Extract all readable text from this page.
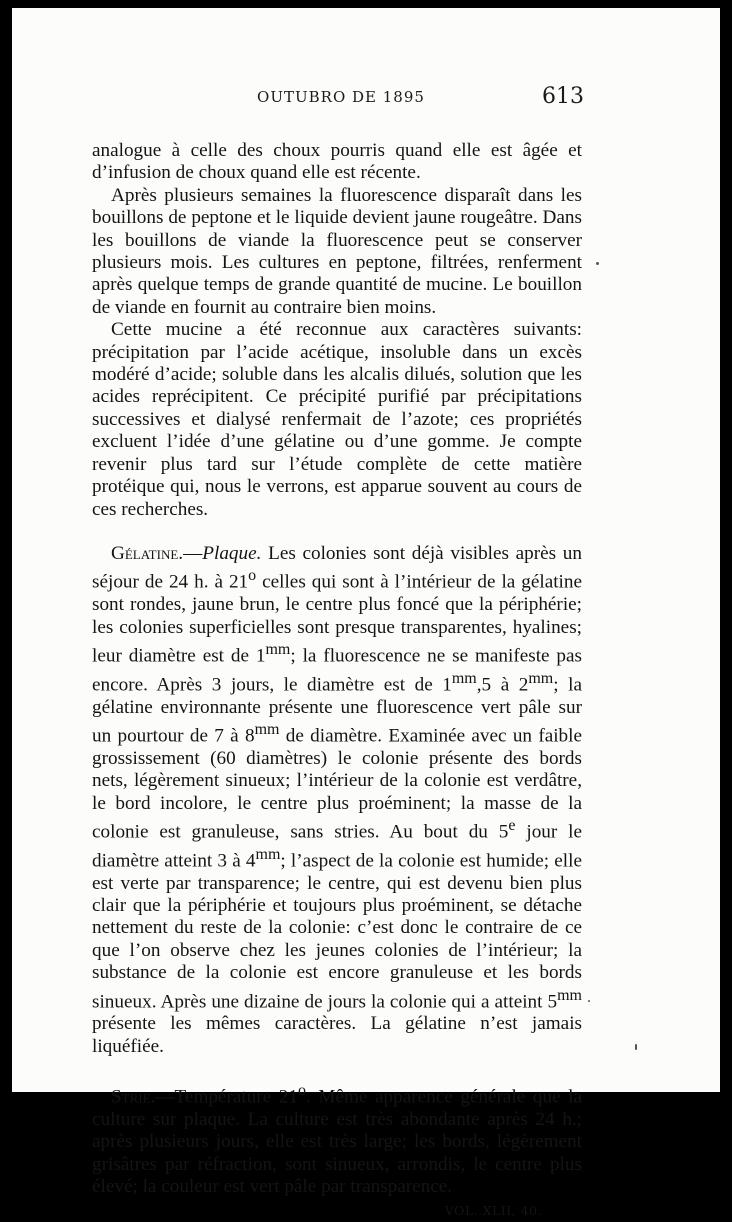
OUTUBRO DE 1895	613

analogue à celle des choux pourris quand elle est âgée et d’infusion de choux quand elle est récente.

Après plusieurs semaines la fluorescence disparaît dans les bouillons de peptone et le liquide devient jaune rougeâtre. Dans les bouillons de viande la fluorescence peut se conserver plusieurs mois. Les cultures en peptone, filtrées, renferment après quelque temps de grande quantité de mucine. Le bouillon de viande en fournit au contraire bien moins.

Cette mucine a été reconnue aux caractères suivants: précipitation par l’acide acétique, insoluble dans un excès modéré d’acide; soluble dans les alcalis dilués, solution que les acides reprécipitent. Ce précipité purifié par précipitations successives et dialysé renfermait de l’azote; ces propriétés excluent l’idée d’une gélatine ou d’une gomme. Je compte revenir plus tard sur l’étude complète de cette matière protéique qui, nous le verrons, est apparue souvent au cours de ces recherches.

Gélatine.—Plaque. Les colonies sont déjà visibles après un séjour de 24 h. à 21$^o$ celles qui sont à l’intérieur de la gélatine sont rondes, jaune brun, le centre plus foncé que la périphérie; les colonies superficielles sont presque transparentes, hyalines; leur diamètre est de $1^{mm}$; la fluorescence ne se manifeste pas encore. Après 3 jours, le diamètre est de $1^{mm},5$ à $2^{mm}$; la gélatine environnante présente une fluorescence vert pâle sur un pourtour de 7 à $8^{mm}$ de diamètre. Examinée avec un faible grossissement (60 diamètres) le colonie présente des bords nets, légèrement sinueux; l’intérieur de la colonie est verdâtre, le bord incolore, le centre plus proéminent; la masse de la colonie est granuleuse, sans stries. Au bout du 5e jour le diamètre atteint 3 à $4^{mm}$; l’aspect de la colonie est humide; elle est verte par transparence; le centre, qui est devenu bien plus clair que la périphérie et toujours plus proéminent, se détache nettement du reste de la colonie: c’est donc le contraire de ce que l’on observe chez les jeunes colonies de l’intérieur; la substance de la colonie est encore granuleuse et les bords sinueux. Après une dizaine de jours la colonie qui a atteint $5^{mm}$ présente les mêmes caractères. La gélatine n’est jamais liquéfiée.

Strie.—Température 21$^o$. Même apparence générale que la culture sur plaque. La culture est très abondante après 24 h.; après plusieurs jours, elle est très large; les bords, légèrement grisâtres par réfraction, sont sinueux, arrondis, le centre plus élevé; la couleur est vert pâle par transparence.

VOL. XLII, 40.
